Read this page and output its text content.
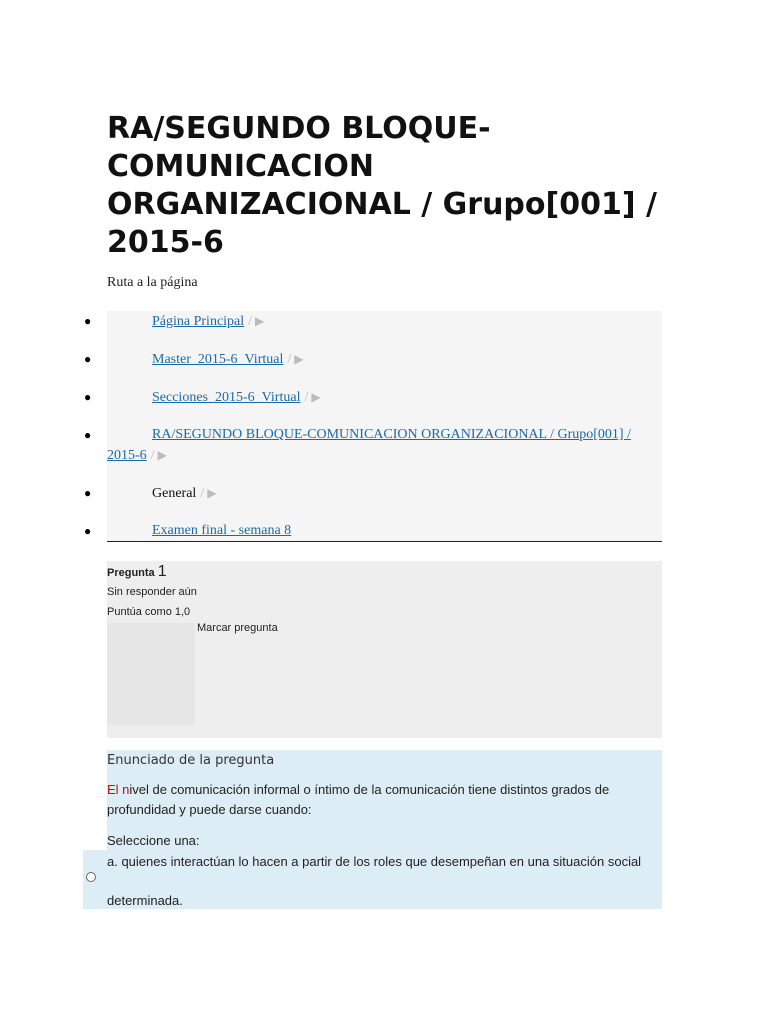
RA/SEGUNDO BLOQUE-COMUNICACION ORGANIZACIONAL / Grupo[001] / 2015-6

Ruta a la página

●	Página Principal / ▶
●	Master_2015-6_Virtual / ▶
●	Secciones_2015-6_Virtual / ▶
●	RA/SEGUNDO BLOQUE-COMUNICACION ORGANIZACIONAL / Grupo[001] / 2015-6 / ▶
●	General / ▶
●	Examen final - semana 8
Pregunta 1
Sin responder aún
Puntúa como 1,0
Marcar pregunta
Enunciado de la pregunta
El nivel de comunicación informal o íntimo de la comunicación tiene distintos grados de profundidad y puede darse cuando:
Seleccione una:
a. quienes interactúan lo hacen a partir de los roles que desempeñan en una situación social
determinada.
